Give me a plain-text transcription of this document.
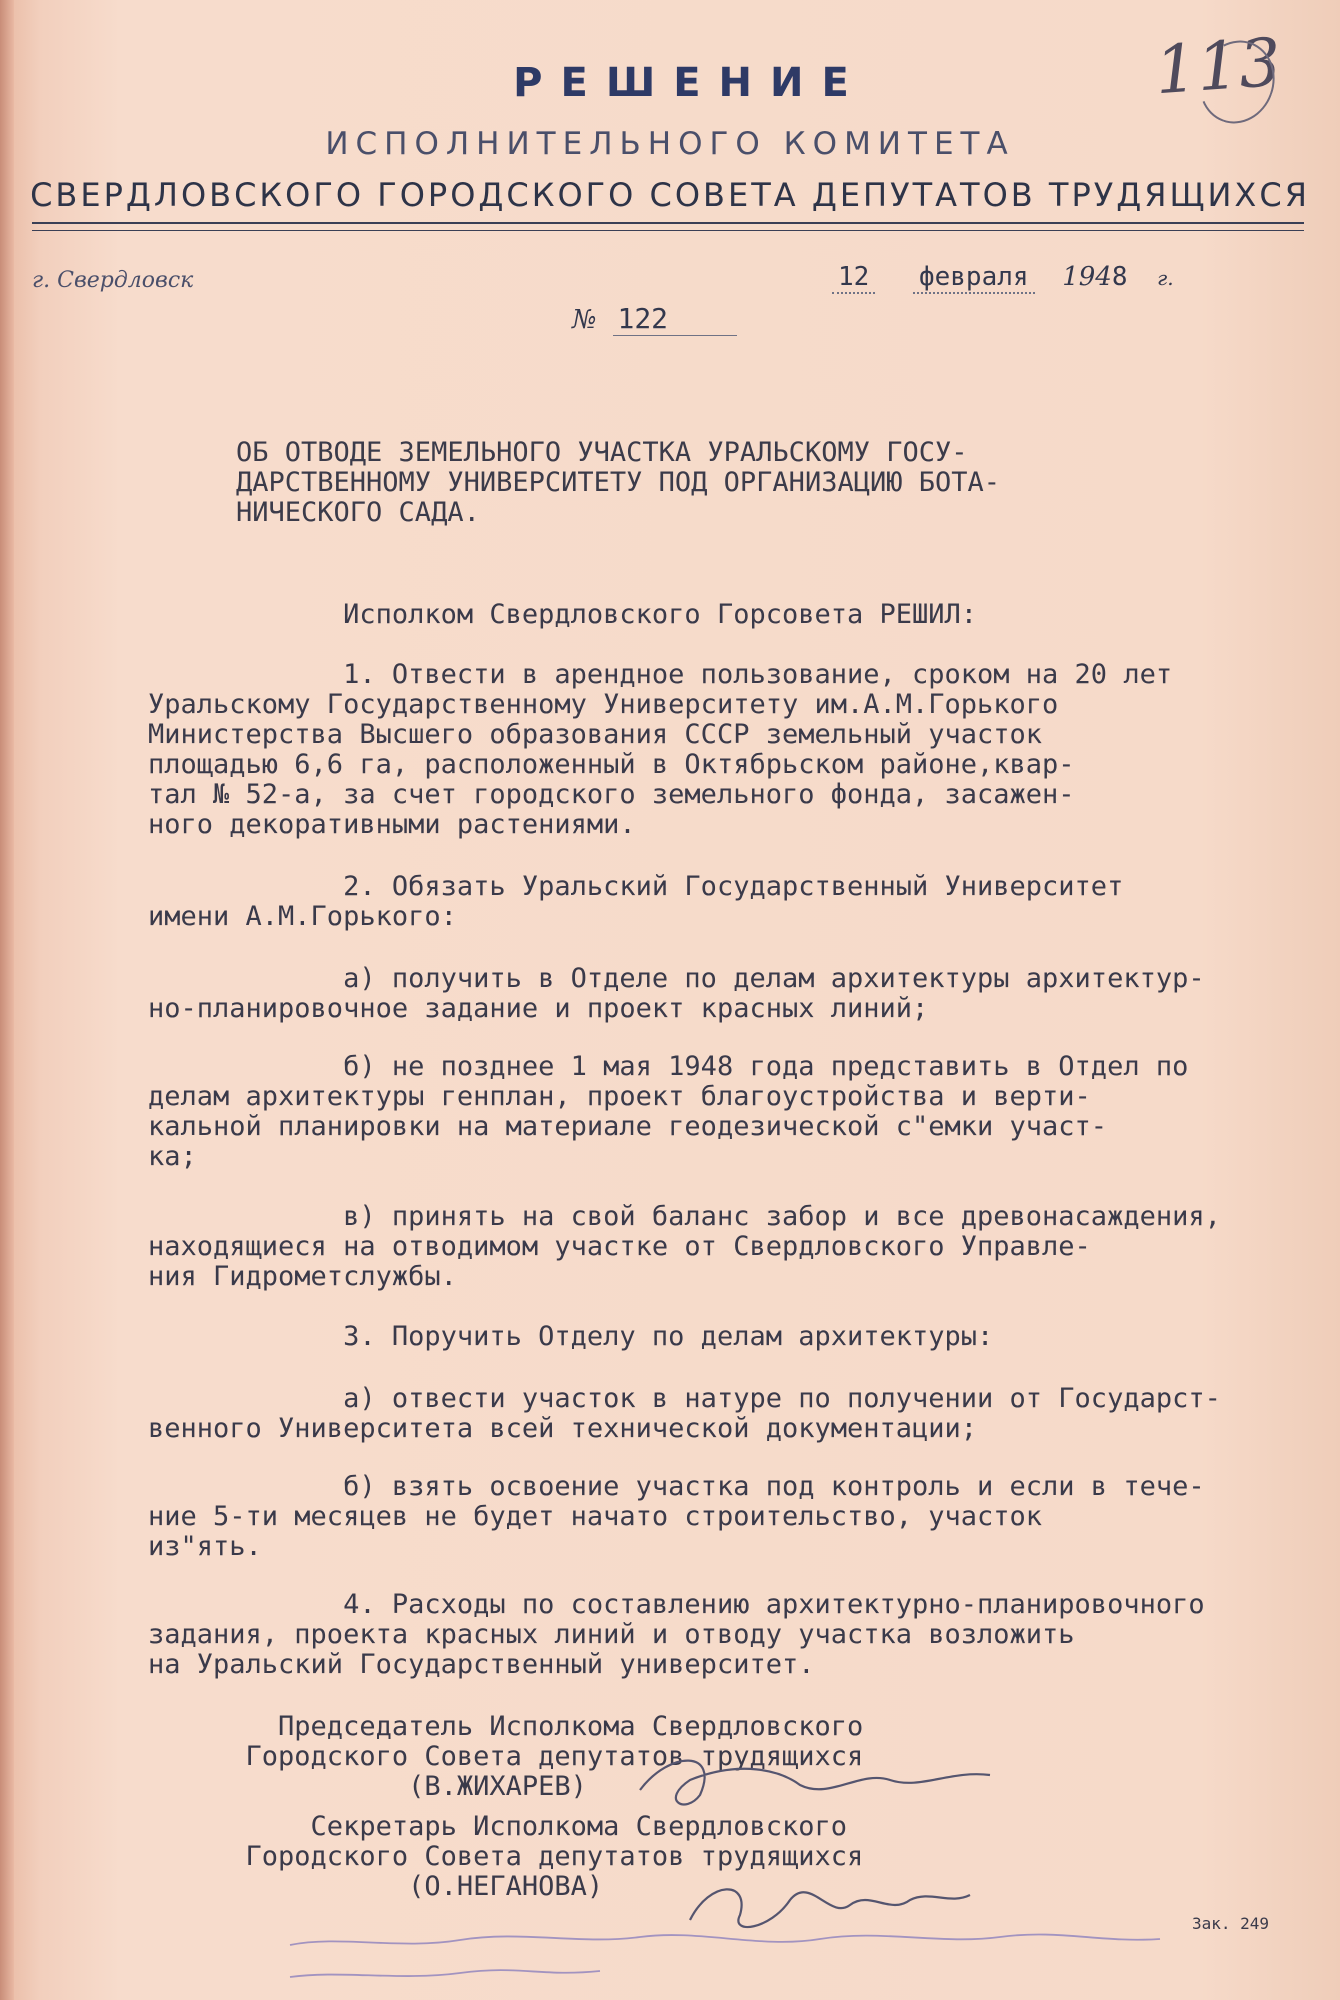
РЕШЕНИЕ
ИСПОЛНИТЕЛЬНОГО КОМИТЕТА
СВЕРДЛОВСКОГО ГОРОДСКОГО СОВЕТА ДЕПУТАТОВ ТРУДЯЩИХСЯ
113
г. Свердловск	12 февраля 1948 г.
№ 122
ОБ ОТВОДЕ ЗЕМЕЛЬНОГО УЧАСТКА УРАЛЬСКОМУ ГОСУ-
ДАРСТВЕННОМУ УНИВЕРСИТЕТУ ПОД ОРГАНИЗАЦИЮ БОТА-
НИЧЕСКОГО САДА.
Исполком Свердловского Горсовета РЕШИЛ:
1. Отвести в арендное пользование, сроком на 20 лет
Уральскому Государственному Университету им.А.М.Горького
Министерства Высшего образования СССР земельный участок
площадью 6,6 га, расположенный в Октябрьском районе,квар-
тал № 52-а, за счет городского земельного фонда, засажен-
ного декоративными растениями.
2. Обязать Уральский Государственный Университет
имени А.М.Горького:
а) получить в Отделе по делам архитектуры архитектур-
но-планировочное задание и проект красных линий;
б) не позднее 1 мая 1948 года представить в Отдел по
делам архитектуры генплан, проект благоустройства и верти-
кальной планировки на материале геодезической с"емки участ-
ка;
в) принять на свой баланс забор и все древонасаждения,
находящиеся на отводимом участке от Свердловского Управле-
ния Гидрометслужбы.
3. Поручить Отделу по делам архитектуры:
а) отвести участок в натуре по получении от Государст-
венного Университета всей технической документации;
б) взять освоение участка под контроль и если в тече-
ние 5-ти месяцев не будет начато строительство, участок
из"ять.
4. Расходы по составлению архитектурно-планировочного
задания, проекта красных линий и отводу участка возложить
на Уральский Государственный университет.
Председатель Исполкома Свердловского
Городского Совета депутатов трудящихся
(В.ЖИХАРЕВ)
Секретарь Исполкома Свердловского
Городского Совета депутатов трудящихся
(О.НЕГАНОВА)
Зак. 249
